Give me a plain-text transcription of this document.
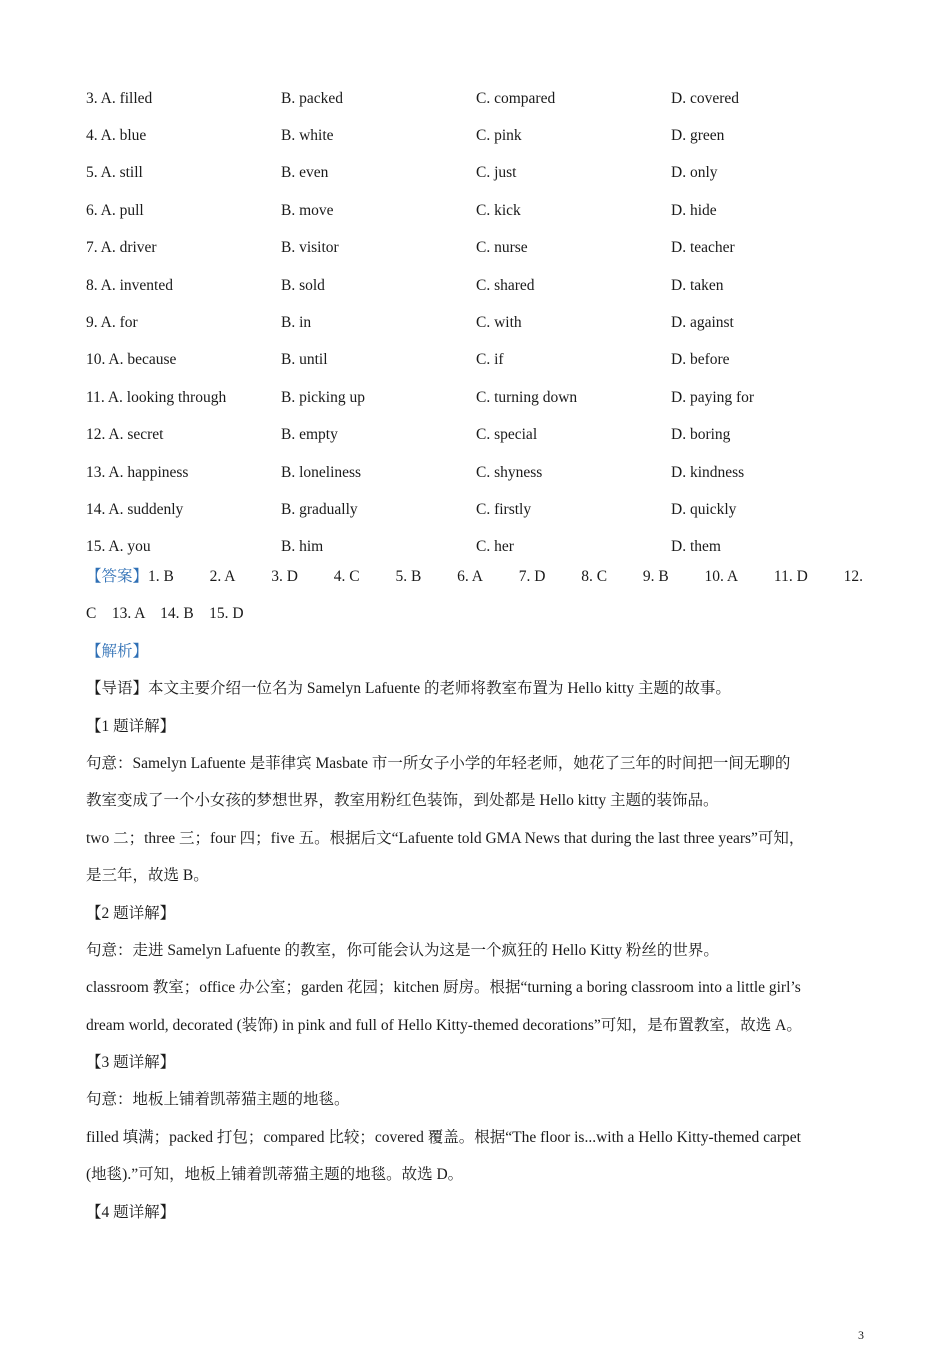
3. A. filled	B. packed	C. compared	D. covered
4. A. blue	B. white	C. pink	D. green
5. A. still	B. even	C. just	D. only
6. A. pull	B. move	C. kick	D. hide
7. A. driver	B. visitor	C. nurse	D. teacher
8. A. invented	B. sold	C. shared	D. taken
9. A. for	B. in	C. with	D. against
10. A. because	B. until	C. if	D. before
11. A. looking through	B. picking up	C. turning down	D. paying for
12. A. secret	B. empty	C. special	D. boring
13. A. happiness	B. loneliness	C. shyness	D. kindness
14. A. suddenly	B. gradually	C. firstly	D. quickly
15. A. you	B. him	C. her	D. them
【答案】1. B 2. A 3. D 4. C 5. B 6. A 7. D 8. C 9. B 10. A 11. D 12.
C    13. A    14. B    15. D
【解析】
【导语】本文主要介绍一位名为 Samelyn Lafuente 的老师将教室布置为 Hello kitty 主题的故事。
【1 题详解】
句意：Samelyn Lafuente 是菲律宾 Masbate 市一所女子小学的年轻老师，她花了三年的时间把一间无聊的
教室变成了一个小女孩的梦想世界，教室用粉红色装饰，到处都是 Hello kitty 主题的装饰品。
two 二；three 三；four 四；five 五。根据后文“Lafuente told GMA News that during the last three years”可知，
是三年，故选 B。
【2 题详解】
句意：走进 Samelyn Lafuente 的教室，你可能会认为这是一个疯狂的 Hello Kitty 粉丝的世界。
classroom 教室；office 办公室；garden 花园；kitchen 厨房。根据“turning a boring classroom into a little girl’s
dream world, decorated (装饰) in pink and full of Hello Kitty-themed decorations”可知，是布置教室，故选 A。
【3 题详解】
句意：地板上铺着凯蒂猫主题的地毯。
filled 填满；packed 打包；compared 比较；covered 覆盖。根据“The floor is...with a Hello Kitty-themed carpet
(地毯).”可知，地板上铺着凯蒂猫主题的地毯。故选 D。
【4 题详解】
3
